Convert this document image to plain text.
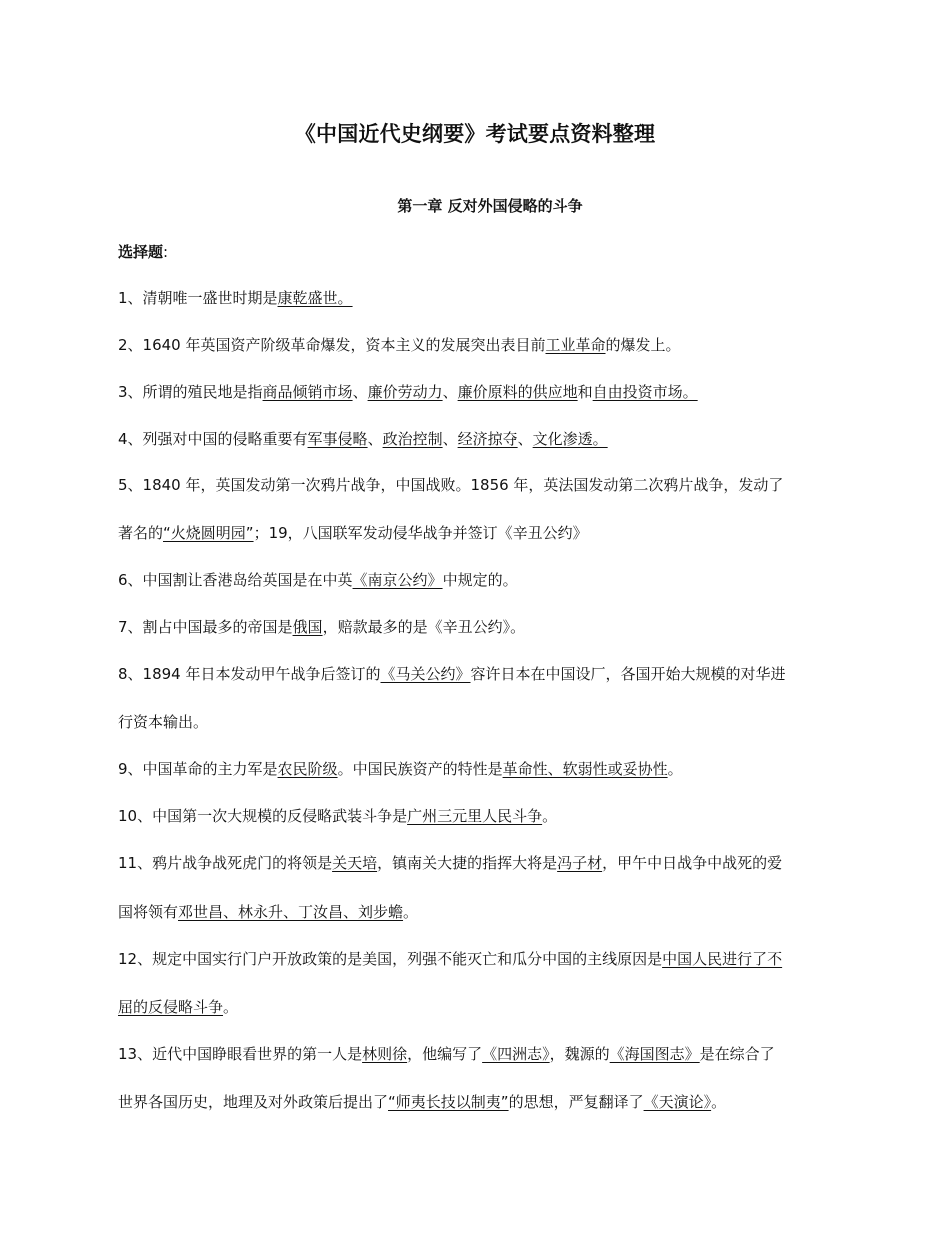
《中国近代史纲要》考试要点资料整理
第一章 反对外国侵略的斗争
选择题:
1、清朝唯一盛世时期是康乾盛世。
2、1640 年英国资产阶级革命爆发，资本主义的发展突出表目前工业革命的爆发上。
3、所谓的殖民地是指商品倾销市场、廉价劳动力、廉价原料的供应地和自由投资市场。
4、列强对中国的侵略重要有军事侵略、政治控制、经济掠夺、文化渗透。
5、1840 年，英国发动第一次鸦片战争，中国战败。1856 年，英法国发动第二次鸦片战争，发动了
著名的“火烧圆明园”；19，八国联军发动侵华战争并签订《辛丑公约》
6、中国割让香港岛给英国是在中英《南京公约》中规定的。
7、割占中国最多的帝国是俄国，赔款最多的是《辛丑公约》。
8、1894 年日本发动甲午战争后签订的《马关公约》容许日本在中国设厂，各国开始大规模的对华进
行资本输出。
9、中国革命的主力军是农民阶级。中国民族资产的特性是革命性、软弱性或妥协性。
10、中国第一次大规模的反侵略武装斗争是广州三元里人民斗争。
11、鸦片战争战死虎门的将领是关天培，镇南关大捷的指挥大将是冯子材，甲午中日战争中战死的爱
国将领有邓世昌、林永升、丁汝昌、刘步蟾。
12、规定中国实行门户开放政策的是美国，列强不能灭亡和瓜分中国的主线原因是中国人民进行了不
屈的反侵略斗争。
13、近代中国睁眼看世界的第一人是林则徐，他编写了《四洲志》，魏源的《海国图志》是在综合了
世界各国历史，地理及对外政策后提出了“师夷长技以制夷”的思想，严复翻译了《天演论》。
